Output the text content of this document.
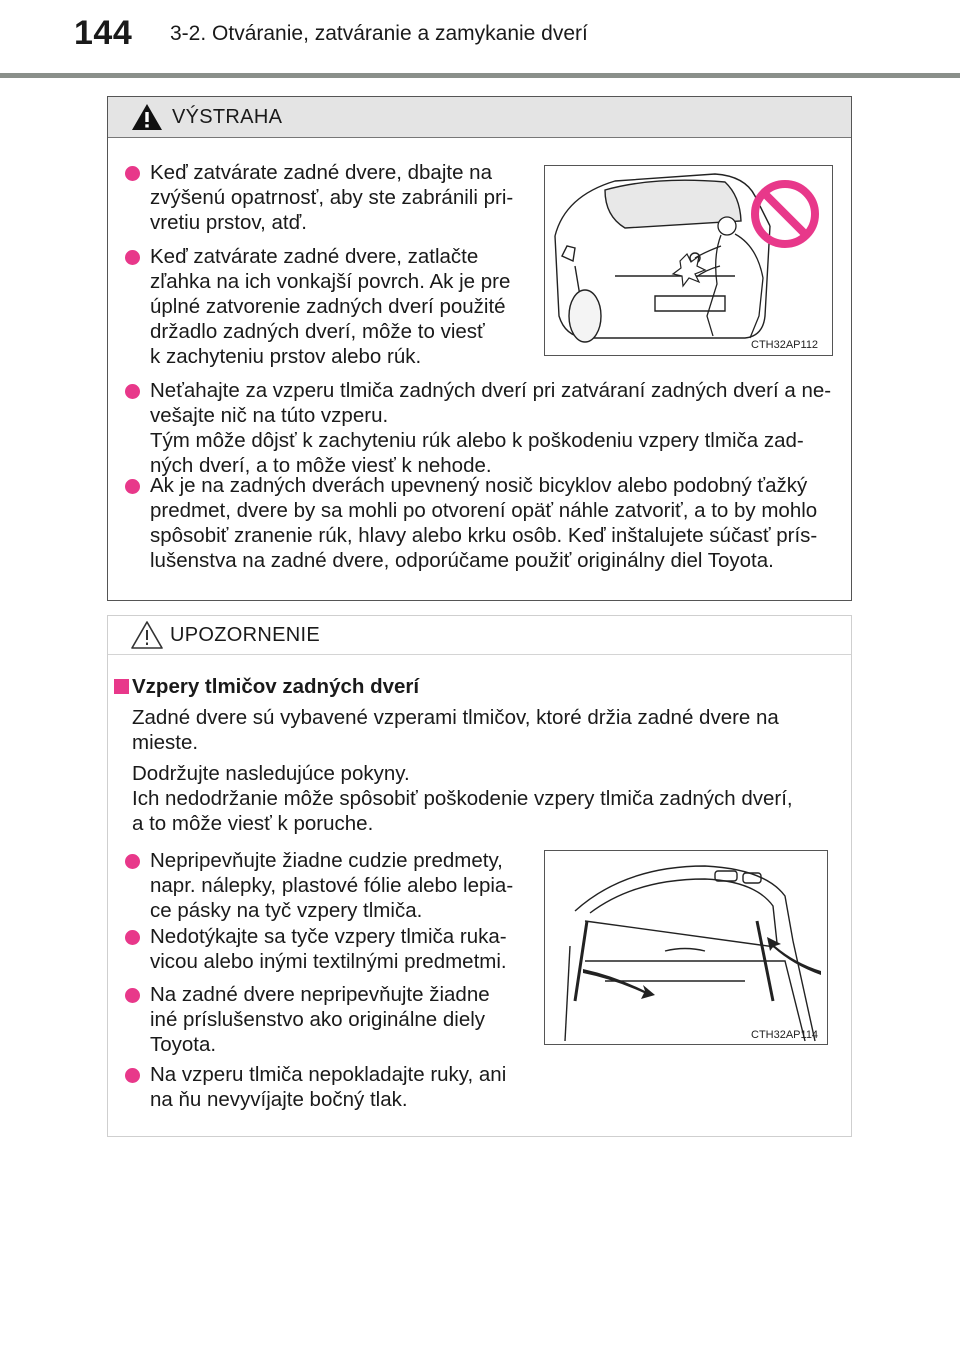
144 3-2. Otváranie, zatváranie a zamykanie dverí
VÝSTRAHA
Keď zatvárate zadné dvere, dbajte na
zvýšenú opatrnosť, aby ste zabránili pri-
vretiu prstov, atď.
Keď zatvárate zadné dvere, zatlačte
zľahka na ich vonkajší povrch. Ak je pre
úplné zatvorenie zadných dverí použité
držadlo zadných dverí, môže to viesť
k zachyteniu prstov alebo rúk.	CTH32AP112
Neťahajte za vzperu tlmiča zadných dverí pri zatváraní zadných dverí a ne-
vešajte nič na túto vzperu.
Tým môže dôjsť k zachyteniu rúk alebo k poškodeniu vzpery tlmiča zad-
ných dverí, a to môže viesť k nehode.
Ak je na zadných dverách upevnený nosič bicyklov alebo podobný ťažký
predmet, dvere by sa mohli po otvorení opäť náhle zatvoriť, a to by mohlo
spôsobiť zranenie rúk, hlavy alebo krku osôb. Keď inštalujete súčasť prís-
lušenstva na zadné dvere, odporúčame použiť originálny diel Toyota.
UPOZORNENIE
Vzpery tlmičov zadných dverí
Zadné dvere sú vybavené vzperami tlmičov, ktoré držia zadné dvere na
mieste.
Dodržujte nasledujúce pokyny.
Ich nedodržanie môže spôsobiť poškodenie vzpery tlmiča zadných dverí,
a to môže viesť k poruche.
Nepripevňujte žiadne cudzie predmety,
napr. nálepky, plastové fólie alebo lepia-
ce pásky na tyč vzpery tlmiča.
Nedotýkajte sa tyče vzpery tlmiča ruka-
vicou alebo inými textilnými predmetmi.
Na zadné dvere nepripevňujte žiadne
iné príslušenstvo ako originálne diely
Toyota.
Na vzperu tlmiča nepokladajte ruky, ani
na ňu nevyvíjajte bočný tlak.
CTH32AP114
